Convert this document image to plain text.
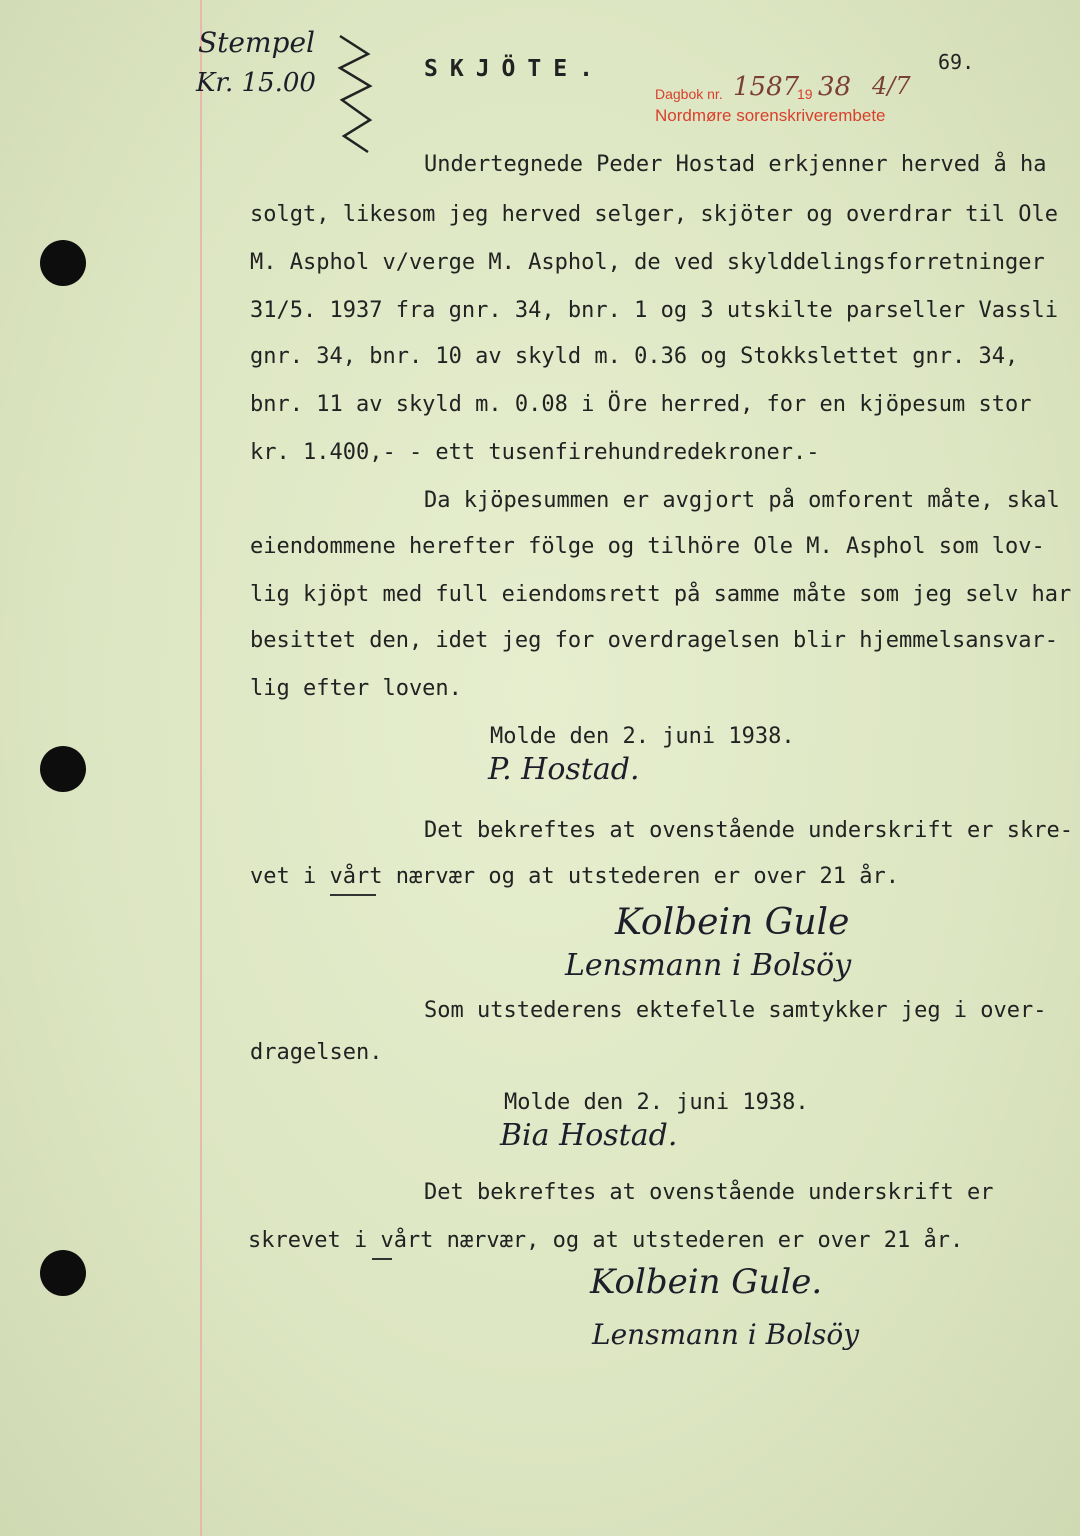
Stempel
Kr. 15.00	SKJÖTE.	69.
Dagbok nr. 1587
19 38 4/7
Nordmøre sorenskriverembete
Undertegnede Peder Hostad erkjenner herved å ha
solgt, likesom jeg herved selger, skjöter og overdrar til Ole
M. Asphol v/verge M. Asphol, de ved skylddelingsforretninger
31/5. 1937 fra gnr. 34, bnr. 1 og 3 utskilte parseller Vassli
gnr. 34, bnr. 10 av skyld m. 0.36 og Stokkslettet gnr. 34,
bnr. 11 av skyld m. 0.08 i Öre herred, for en kjöpesum stor
kr. 1.400,- - ett tusenfirehundredekroner.-
Da kjöpesummen er avgjort på omforent måte, skal
eiendommene herefter fölge og tilhöre Ole M. Asphol som lov-
lig kjöpt med full eiendomsrett på samme måte som jeg selv har
besittet den, idet jeg for overdragelsen blir hjemmelsansvar-
lig efter loven.
Molde den 2. juni 1938.
P. Hostad.
Det bekreftes at ovenstående underskrift er skre-
vet i vårt nærvær og at utstederen er over 21 år.
Kolbein Gule
Lensmann i Bolsöy
Som utstederens ektefelle samtykker jeg i over-
dragelsen.
Molde den 2. juni 1938.
Bia Hostad.
Det bekreftes at ovenstående underskrift er
skrevet i vårt nærvær, og at utstederen er over 21 år.
Kolbein Gule.
Lensmann i Bolsöy
